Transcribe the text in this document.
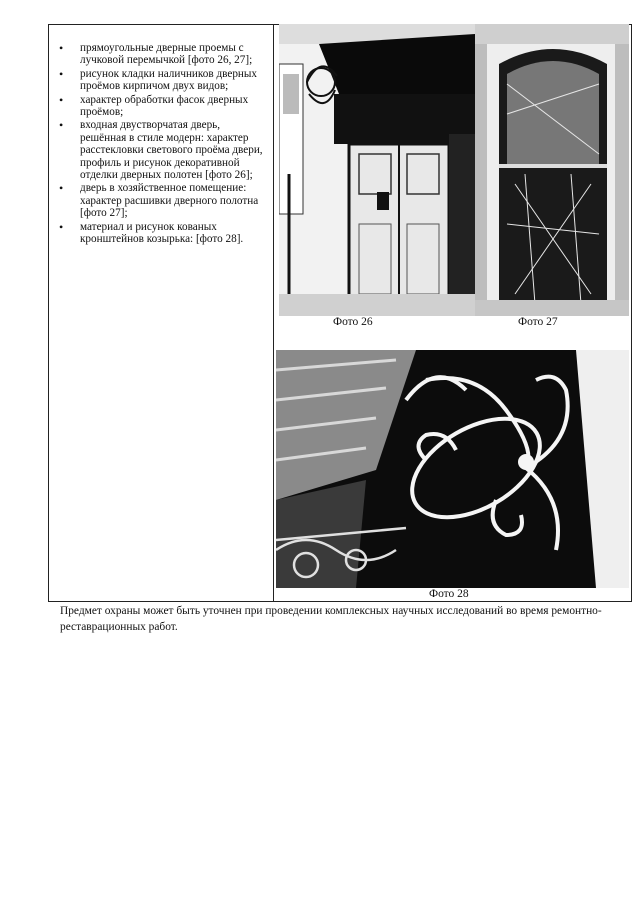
• прямоугольные дверные проемы с лучковой перемычкой [фото 26, 27];
• рисунок кладки наличников дверных проёмов кирпичом двух видов;
• характер обработки фасок дверных проёмов;
• входная двустворчатая дверь, решённая в стиле модерн: характер расстекловки светового проёма двери, профиль и рисунок декоративной отделки дверных полотен [фото 26];
• дверь в хозяйственное помещение: характер расшивки дверного полотна [фото 27];
• материал и рисунок кованых кронштейнов козырька: [фото 28].
Фото 26	Фото 27
Фото 28

Предмет охраны может быть уточнен при проведении комплексных научных исследований во время ремонтно-реставрационных работ.
